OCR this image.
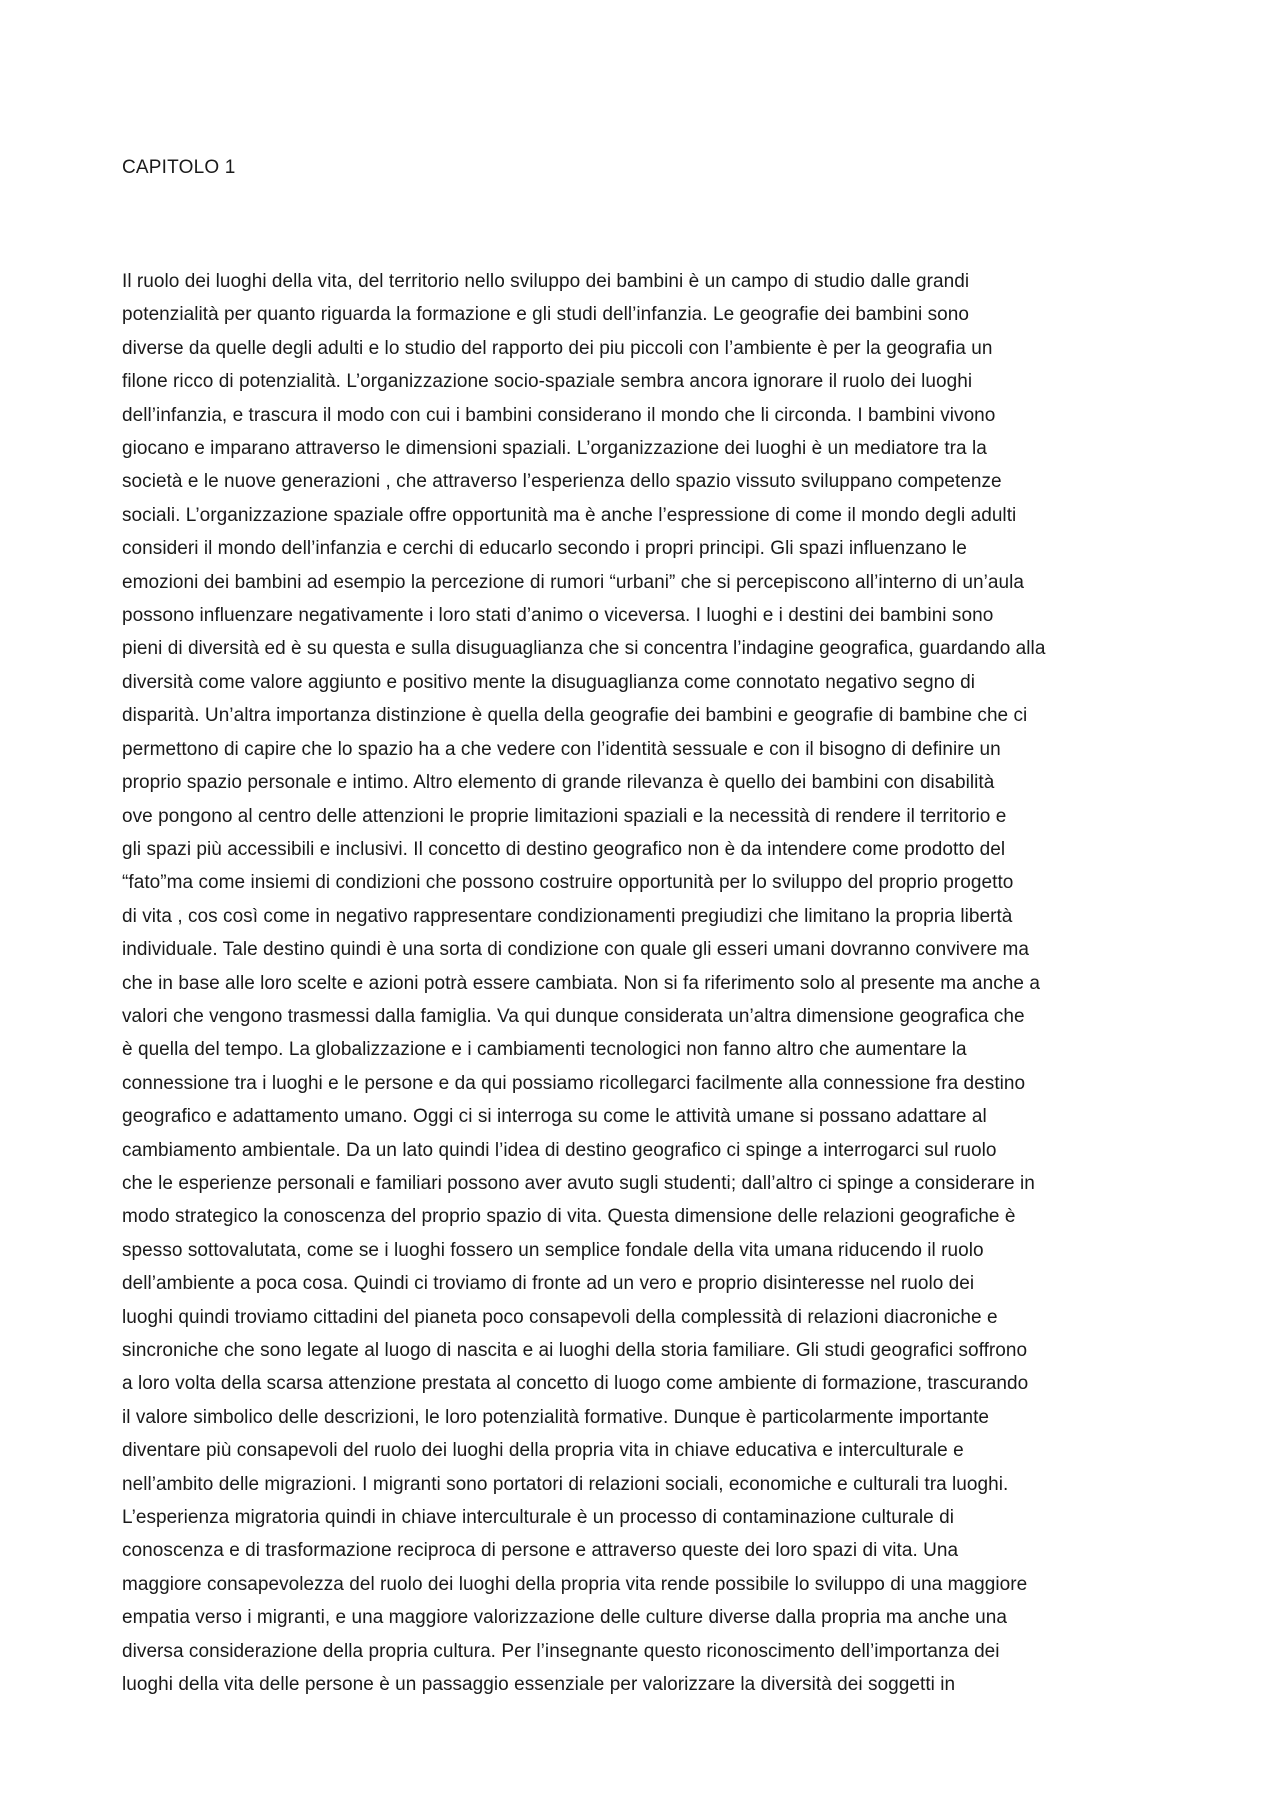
CAPITOLO 1

Il ruolo dei luoghi della vita, del territorio nello sviluppo dei bambini è un campo di studio dalle grandi
potenzialità per quanto riguarda la formazione e gli studi dell’infanzia. Le geografie dei bambini sono
diverse da quelle degli adulti e lo studio del rapporto dei piu piccoli con l’ambiente è per la geografia un
filone ricco di potenzialità. L’organizzazione socio-spaziale sembra ancora ignorare il ruolo dei luoghi
dell’infanzia, e trascura il modo con cui i bambini considerano il mondo che li circonda. I bambini vivono
giocano e imparano attraverso le dimensioni spaziali. L’organizzazione dei luoghi è un mediatore tra la
società e le nuove generazioni , che attraverso l’esperienza dello spazio vissuto sviluppano competenze
sociali. L’organizzazione spaziale offre opportunità ma è anche l’espressione di come il mondo degli adulti
consideri il mondo dell’infanzia e cerchi di educarlo secondo i propri principi. Gli spazi influenzano le
emozioni dei bambini ad esempio la percezione di rumori “urbani” che si percepiscono all’interno di un’aula
possono influenzare negativamente i loro stati d’animo o viceversa. I luoghi e i destini dei bambini sono
pieni di diversità ed è su questa e sulla disuguaglianza che si concentra l’indagine geografica, guardando alla
diversità come valore aggiunto e positivo mente la disuguaglianza come connotato negativo segno di
disparità. Un’altra importanza distinzione è quella della geografie dei bambini e geografie di bambine che ci
permettono di capire che lo spazio ha a che vedere con l’identità sessuale e con il bisogno di definire un
proprio spazio personale e intimo. Altro elemento di grande rilevanza è quello dei bambini con disabilità
ove pongono al centro delle attenzioni le proprie limitazioni spaziali e la necessità di rendere il territorio e
gli spazi più accessibili e inclusivi. Il concetto di destino geografico non è da intendere come prodotto del
“fato”ma come insiemi di condizioni che possono costruire opportunità per lo sviluppo del proprio progetto
di vita , cos così come in negativo rappresentare condizionamenti pregiudizi che limitano la propria libertà
individuale. Tale destino quindi è una sorta di condizione con quale gli esseri umani dovranno convivere ma
che in base alle loro scelte e azioni potrà essere cambiata. Non si fa riferimento solo al presente ma anche a
valori che vengono trasmessi dalla famiglia. Va qui dunque considerata un’altra dimensione geografica che
è quella del tempo. La globalizzazione e i cambiamenti tecnologici non fanno altro che aumentare la
connessione tra i luoghi e le persone e da qui possiamo ricollegarci facilmente alla connessione fra destino
geografico e adattamento umano. Oggi ci si interroga su come le attività umane si possano adattare al
cambiamento ambientale. Da un lato quindi l’idea di destino geografico ci spinge a interrogarci sul ruolo
che le esperienze personali e familiari possono aver avuto sugli studenti; dall’altro ci spinge a considerare in
modo strategico la conoscenza del proprio spazio di vita. Questa dimensione delle relazioni geografiche è
spesso sottovalutata, come se i luoghi fossero un semplice fondale della vita umana riducendo il ruolo
dell’ambiente a poca cosa. Quindi ci troviamo di fronte ad un vero e proprio disinteresse nel ruolo dei
luoghi quindi troviamo cittadini del pianeta poco consapevoli della complessità di relazioni diacroniche e
sincroniche che sono legate al luogo di nascita e ai luoghi della storia familiare. Gli studi geografici soffrono
a loro volta della scarsa attenzione prestata al concetto di luogo come ambiente di formazione, trascurando
il valore simbolico delle descrizioni, le loro potenzialità formative. Dunque è particolarmente importante
diventare più consapevoli del ruolo dei luoghi della propria vita in chiave educativa e interculturale e
nell’ambito delle migrazioni. I migranti sono portatori di relazioni sociali, economiche e culturali tra luoghi.
L’esperienza migratoria quindi in chiave interculturale è un processo di contaminazione culturale di
conoscenza e di trasformazione reciproca di persone e attraverso queste dei loro spazi di vita. Una
maggiore consapevolezza del ruolo dei luoghi della propria vita rende possibile lo sviluppo di una maggiore
empatia verso i migranti, e una maggiore valorizzazione delle culture diverse dalla propria ma anche una
diversa considerazione della propria cultura. Per l’insegnante questo riconoscimento dell’importanza dei
luoghi della vita delle persone è un passaggio essenziale per valorizzare la diversità dei soggetti in
